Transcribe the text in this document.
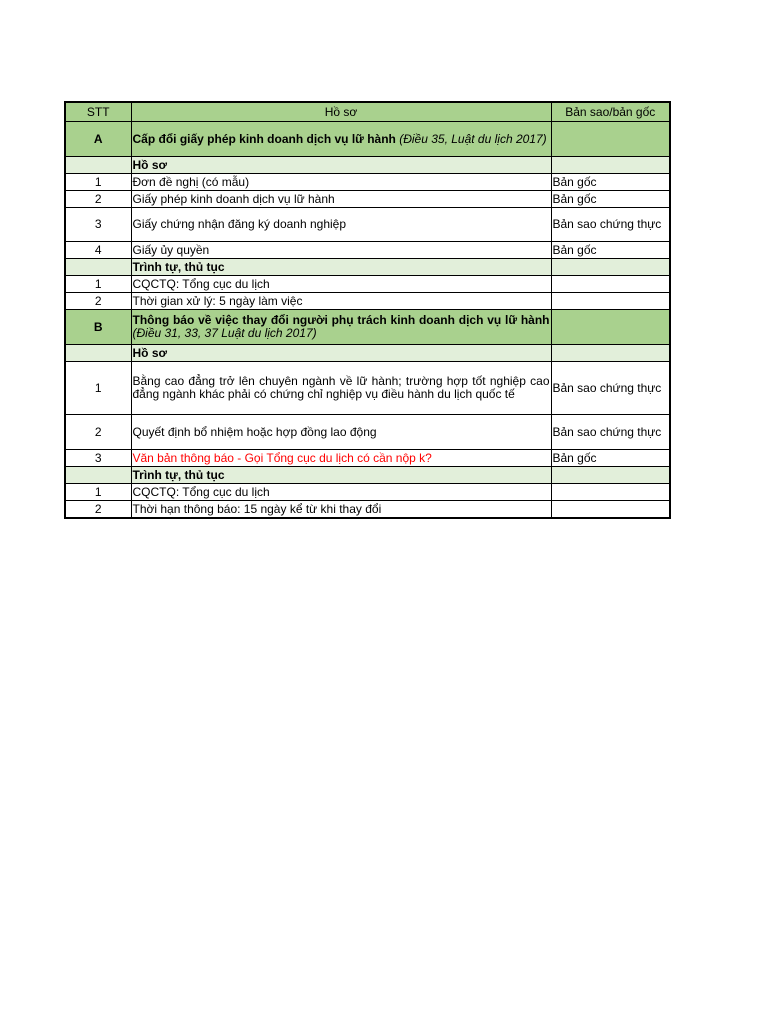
STT	Hồ sơ	Bản sao/bản gốc
A	Cấp đổi giấy phép kinh doanh dịch vụ lữ hành (Điều 35, Luật du lịch 2017)	
	Hồ sơ	
1	Đơn đề nghị (có mẫu)	Bản gốc
2	Giấy phép kinh doanh dịch vụ lữ hành	Bản gốc
3	Giấy chứng nhận đăng ký doanh nghiệp	Bản sao chứng thực
4	Giấy ủy quyền	Bản gốc
	Trình tự, thủ tục	
1	CQCTQ: Tổng cục du lịch	
2	Thời gian xử lý: 5 ngày làm việc	
B	Thông báo về việc thay đổi người phụ trách kinh doanh dịch vụ lữ hành (Điều 31, 33, 37 Luật du lịch 2017)	
	Hồ sơ	
1	Bằng cao đẳng trở lên chuyên ngành về lữ hành; trường hợp tốt nghiệp cao đẳng ngành khác phải có chứng chỉ nghiệp vụ điều hành du lịch quốc tế	Bản sao chứng thực
2	Quyết định bổ nhiệm hoặc hợp đồng lao động	Bản sao chứng thực
3	Văn bản thông báo - Gọi Tổng cục du lịch có cần nộp k?	Bản gốc
	Trình tự, thủ tục	
1	CQCTQ: Tổng cục du lịch	
2	Thời hạn thông báo: 15 ngày kể từ khi thay đổi	
